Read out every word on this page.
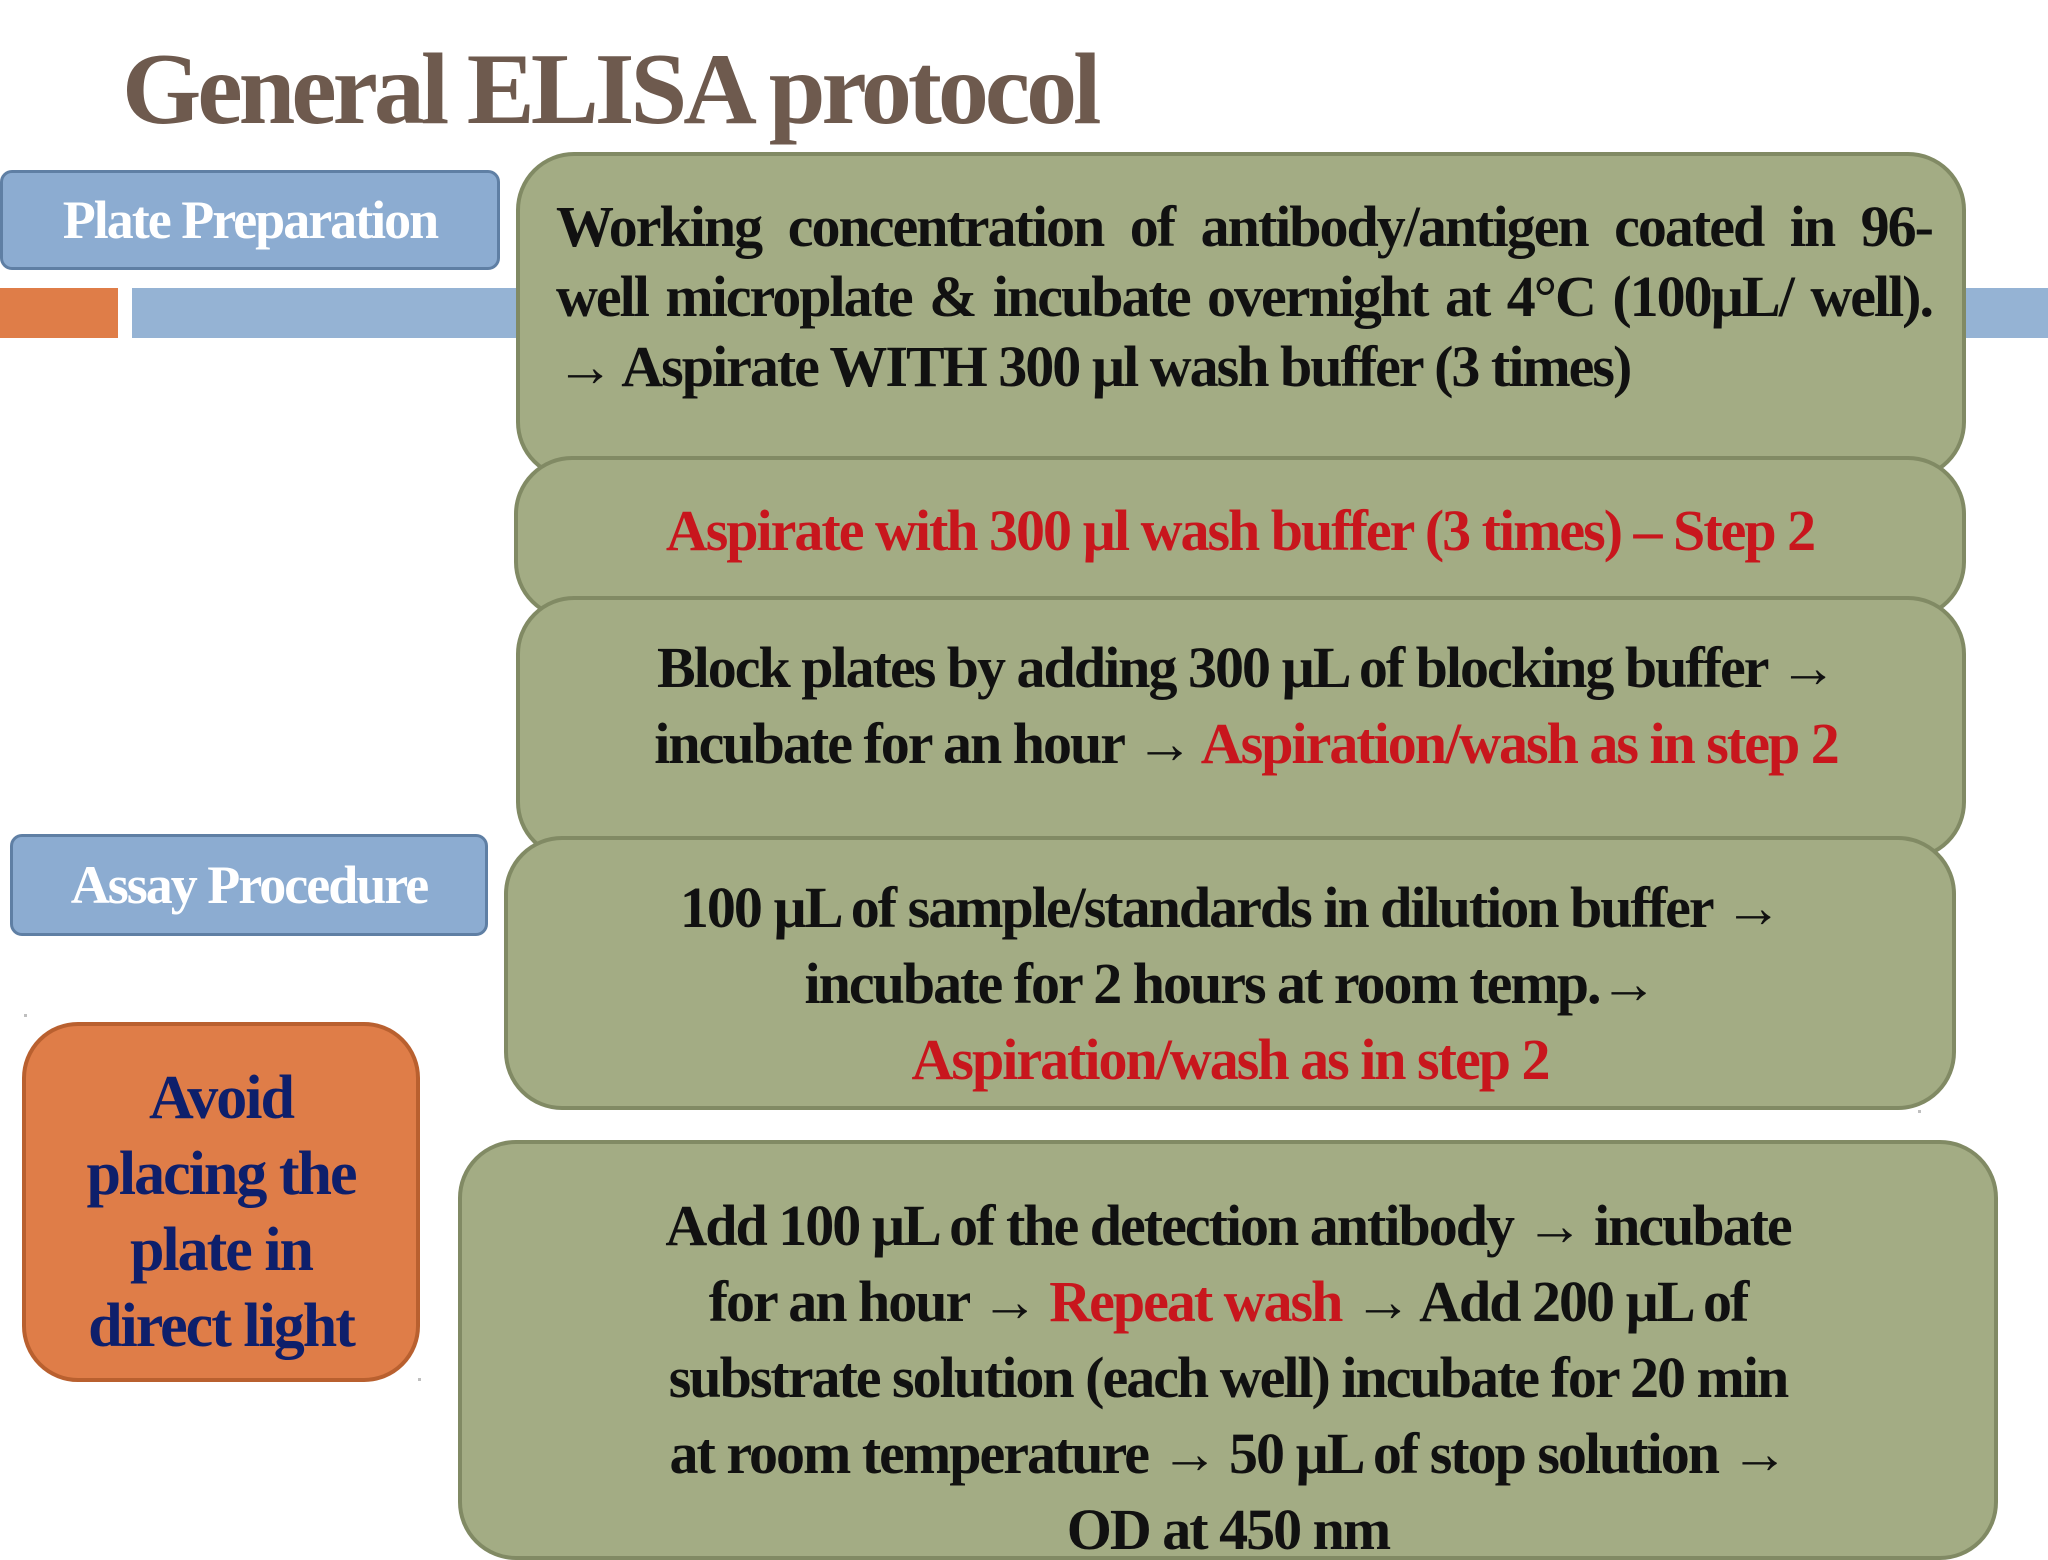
General ELISA protocol
Plate Preparation	Working concentration of antibody/antigen coated in 96-well microplate & incubate overnight at 4°C (100µL/ well). → Aspirate WITH 300 µl wash buffer (3 times)

Aspirate with 300 µl wash buffer (3 times) – Step 2

Block plates by adding 300 µL of blocking buffer → incubate for an hour → Aspiration/wash as in step 2

Assay Procedure	100 µL of sample/standards in dilution buffer →

incubate for 2 hours at room temp.→

Aspiration/wash as in step 2

Avoid

placing the

plate in

direct light

Add 100 µL of the detection antibody → incubate

for an hour → Repeat wash → Add 200 µL of

substrate solution (each well) incubate for 20 min

at room temperature → 50 µL of stop solution →

OD at 450 nm
